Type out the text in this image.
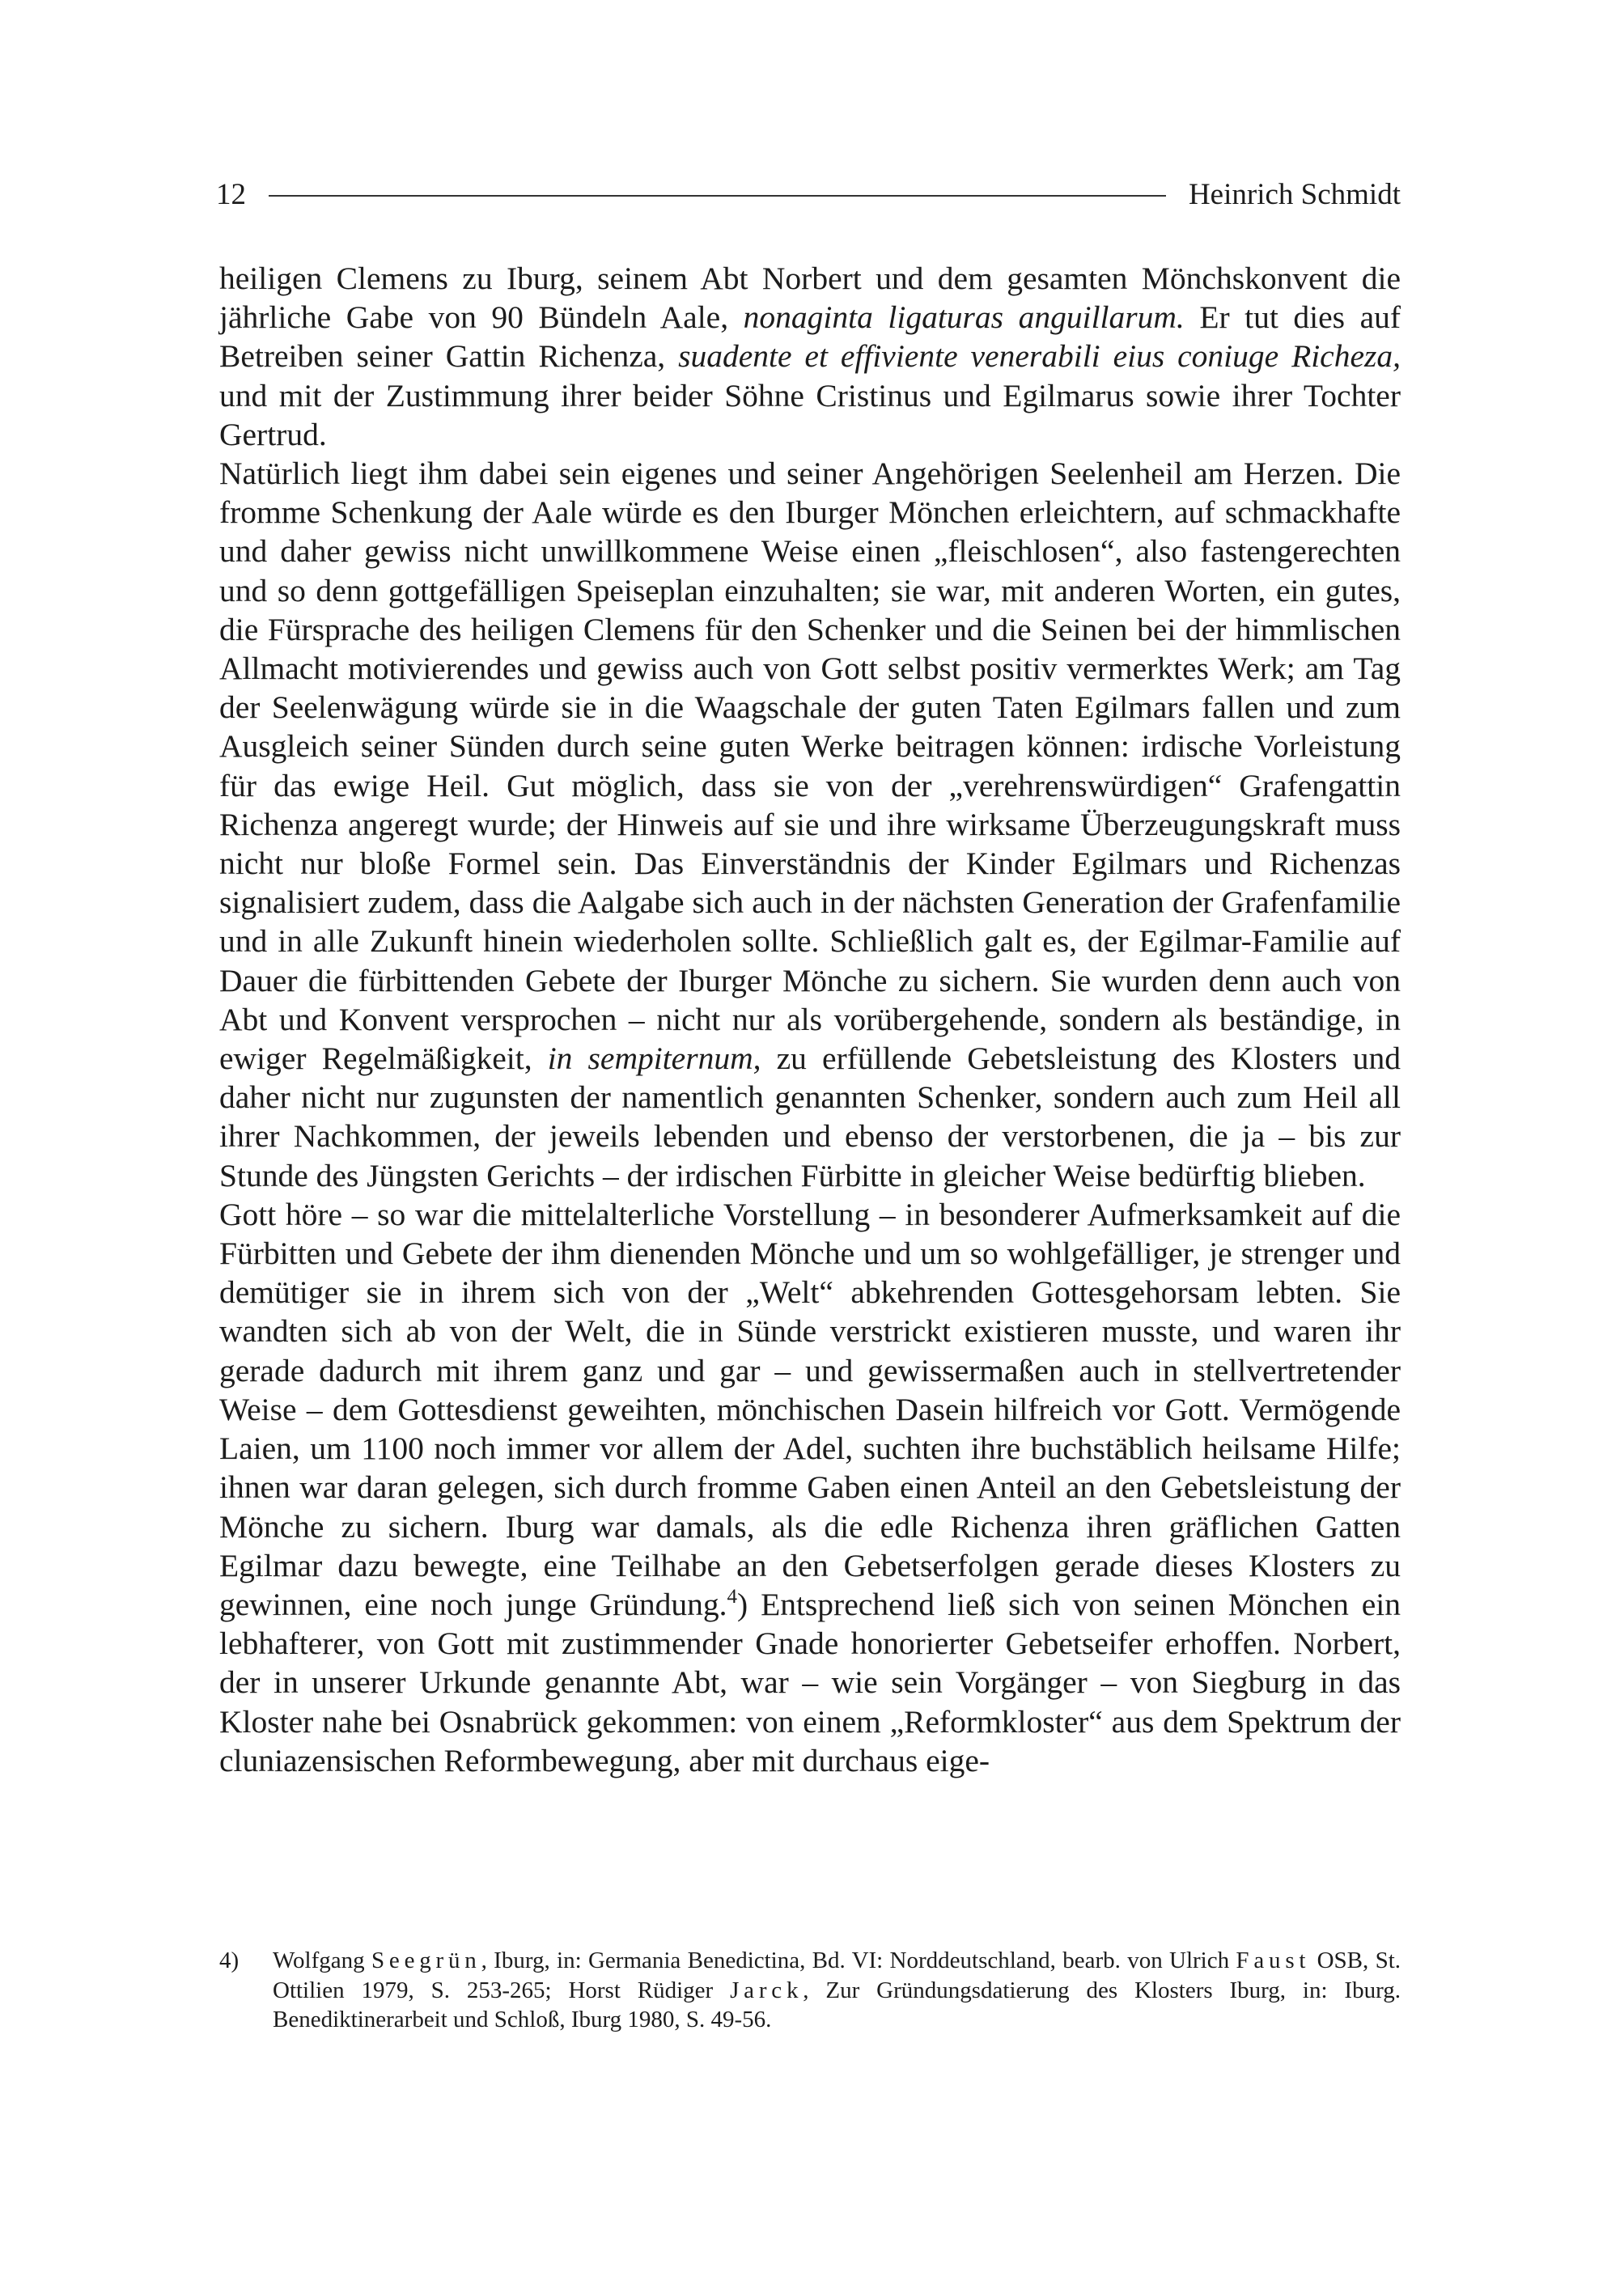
12	Heinrich Schmidt

heiligen Clemens zu Iburg, seinem Abt Norbert und dem gesamten Mönchskonvent die jährliche Gabe von 90 Bündeln Aale, nonaginta ligaturas anguillarum. Er tut dies auf Betreiben seiner Gattin Richenza, suadente et effiviente venerabili eius coniuge Richeza, und mit der Zustimmung ihrer beider Söhne Cristinus und Egilmarus sowie ihrer Tochter Gertrud.

Natürlich liegt ihm dabei sein eigenes und seiner Angehörigen Seelenheil am Herzen. Die fromme Schenkung der Aale würde es den Iburger Mönchen erleichtern, auf schmackhafte und daher gewiss nicht unwillkommene Weise einen „fleischlosen“, also fastengerechten und so denn gottgefälligen Speiseplan einzuhalten; sie war, mit anderen Worten, ein gutes, die Fürsprache des heiligen Clemens für den Schenker und die Seinen bei der himmlischen Allmacht motivierendes und gewiss auch von Gott selbst positiv vermerktes Werk; am Tag der Seelenwägung würde sie in die Waagschale der guten Taten Egilmars fallen und zum Ausgleich seiner Sünden durch seine guten Werke beitragen können: irdische Vorleistung für das ewige Heil. Gut möglich, dass sie von der „verehrenswürdigen“ Grafengattin Richenza angeregt wurde; der Hinweis auf sie und ihre wirksame Überzeugungskraft muss nicht nur bloße Formel sein. Das Einverständnis der Kinder Egilmars und Richenzas signalisiert zudem, dass die Aalgabe sich auch in der nächsten Generation der Grafenfamilie und in alle Zukunft hinein wiederholen sollte. Schließlich galt es, der Egilmar-Familie auf Dauer die fürbittenden Gebete der Iburger Mönche zu sichern. Sie wurden denn auch von Abt und Konvent versprochen – nicht nur als vorübergehende, sondern als beständige, in ewiger Regelmäßigkeit, in sempiternum, zu erfüllende Gebetsleistung des Klosters und daher nicht nur zugunsten der namentlich genannten Schenker, sondern auch zum Heil all ihrer Nachkommen, der jeweils lebenden und ebenso der verstorbenen, die ja – bis zur Stunde des Jüngsten Gerichts – der irdischen Fürbitte in gleicher Weise bedürftig blieben.

Gott höre – so war die mittelalterliche Vorstellung – in besonderer Aufmerksamkeit auf die Fürbitten und Gebete der ihm dienenden Mönche und um so wohlgefälliger, je strenger und demütiger sie in ihrem sich von der „Welt“ abkehrenden Gottesgehorsam lebten. Sie wandten sich ab von der Welt, die in Sünde verstrickt existieren musste, und waren ihr gerade dadurch mit ihrem ganz und gar – und gewissermaßen auch in stellvertretender Weise – dem Gottesdienst geweihten, mönchischen Dasein hilfreich vor Gott. Vermögende Laien, um 1100 noch immer vor allem der Adel, suchten ihre buchstäblich heilsame Hilfe; ihnen war daran gelegen, sich durch fromme Gaben einen Anteil an den Gebetsleistung der Mönche zu sichern. Iburg war damals, als die edle Richenza ihren gräflichen Gatten Egilmar dazu bewegte, eine Teilhabe an den Gebetserfolgen gerade dieses Klosters zu gewinnen, eine noch junge Gründung.$^4$) Entsprechend ließ sich von seinen Mönchen ein lebhafterer, von Gott mit zustimmender Gnade honorierter Gebetseifer erhoffen. Norbert, der in unserer Urkunde genannte Abt, war – wie sein Vorgänger – von Siegburg in das Kloster nahe bei Osnabrück gekommen: von einem „Reformkloster“ aus dem Spektrum der cluniazensischen Reformbewegung, aber mit durchaus eige-

4)	Wolfgang Seegrün, Iburg, in: Germania Benedictina, Bd. VI: Norddeutschland, bearb. von Ulrich Faust OSB, St. Ottilien 1979, S. 253-265; Horst Rüdiger Jarck, Zur Gründungsdatierung des Klosters Iburg, in: Iburg. Benediktinerarbeit und Schloß, Iburg 1980, S. 49-56.
